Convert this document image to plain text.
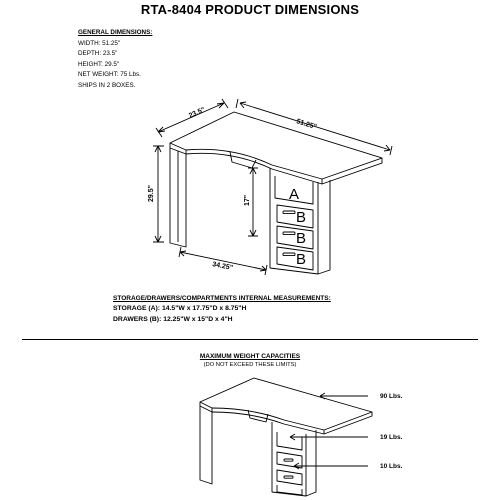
RTA-8404 PRODUCT DIMENSIONS
GENERAL DIMENSIONS:
WIDTH: 51.25"
DEPTH: 23.5"
HEIGHT: 29.5"
NET WEIGHT: 75 Lbs.
SHIPS IN 2 BOXES.
23.5"
51.25"
29.5"	17"
34.25"
A
B
B
B
90 Lbs.
19 Lbs.
10 Lbs.
STORAGE/DRAWERS/COMPARTMENTS INTERNAL MEASUREMENTS:
STORAGE (A): 14.5"W x 17.75"D x 8.75"H
DRAWERS (B): 12.25"W x 15"D x 4"H
MAXIMUM WEIGHT CAPACITIES
(DO NOT EXCEED THESE LIMITS)
